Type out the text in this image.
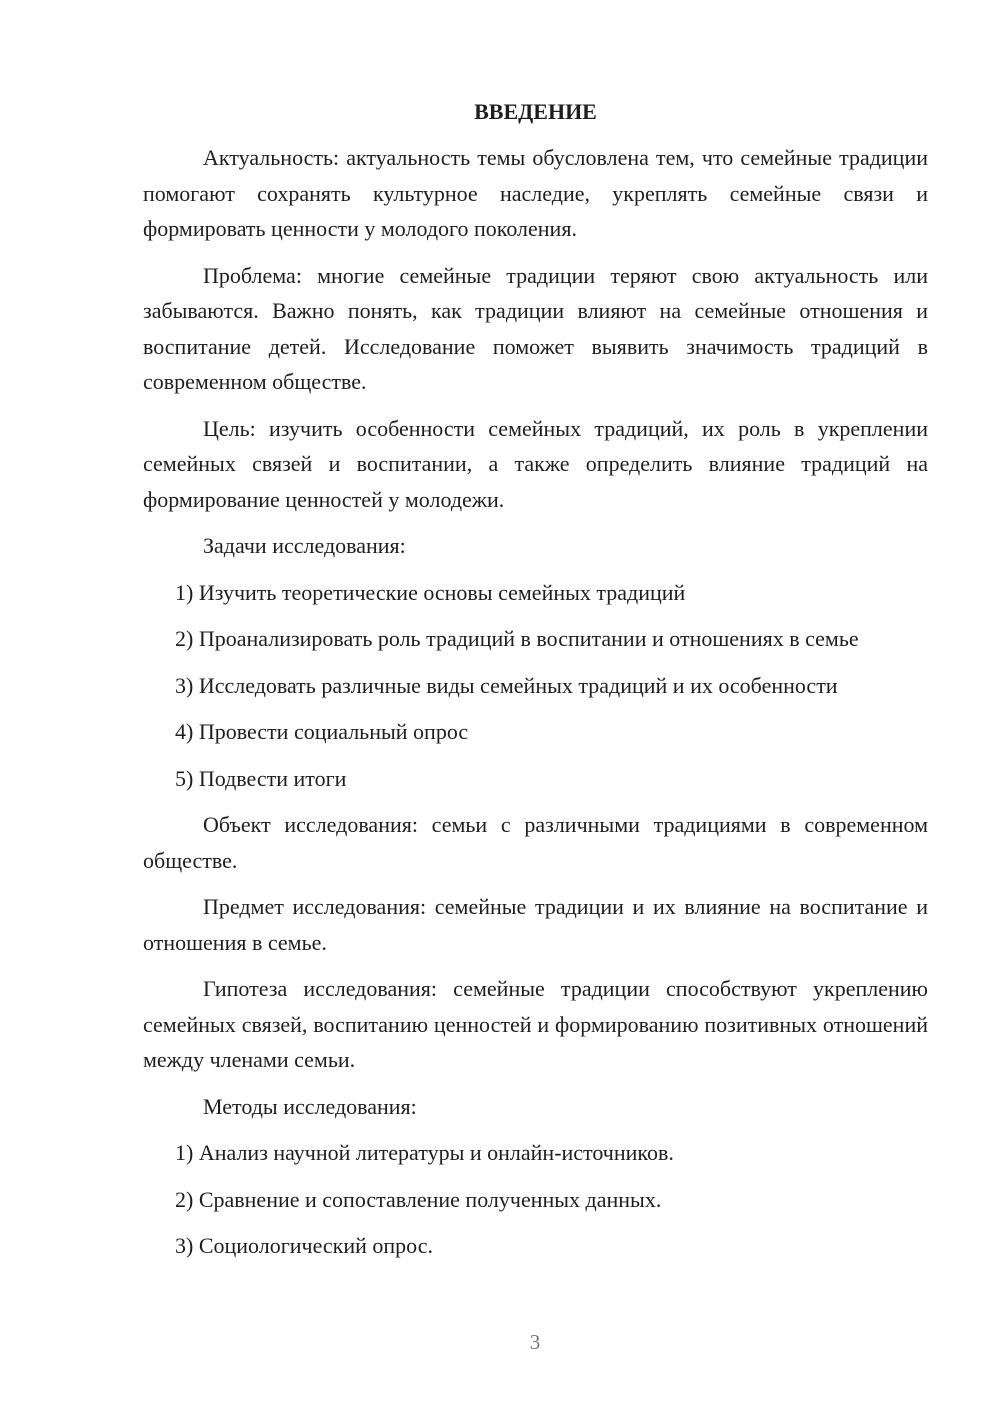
ВВЕДЕНИЕ

Актуальность: актуальность темы обусловлена тем, что семейные традиции помогают сохранять культурное наследие, укреплять семейные связи и формировать ценности у молодого поколения.

Проблема: многие семейные традиции теряют свою актуальность или забываются. Важно понять, как традиции влияют на семейные отношения и воспитание детей. Исследование поможет выявить значимость традиций в современном обществе.

Цель: изучить особенности семейных традиций, их роль в укреплении семейных связей и воспитании, а также определить влияние традиций на формирование ценностей у молодежи.

Задачи исследования:

1) Изучить теоретические основы семейных традиций

2) Проанализировать роль традиций в воспитании и отношениях в семье

3) Исследовать различные виды семейных традиций и их особенности

4) Провести социальный опрос

5) Подвести итоги

Объект исследования: семьи с различными традициями в современном обществе.

Предмет исследования: семейные традиции и их влияние на воспитание и отношения в семье.

Гипотеза исследования: семейные традиции способствуют укреплению семейных связей, воспитанию ценностей и формированию позитивных отношений между членами семьи.

Методы исследования:

1) Анализ научной литературы и онлайн-источников.

2) Сравнение и сопоставление полученных данных.

3) Социологический опрос.

3
